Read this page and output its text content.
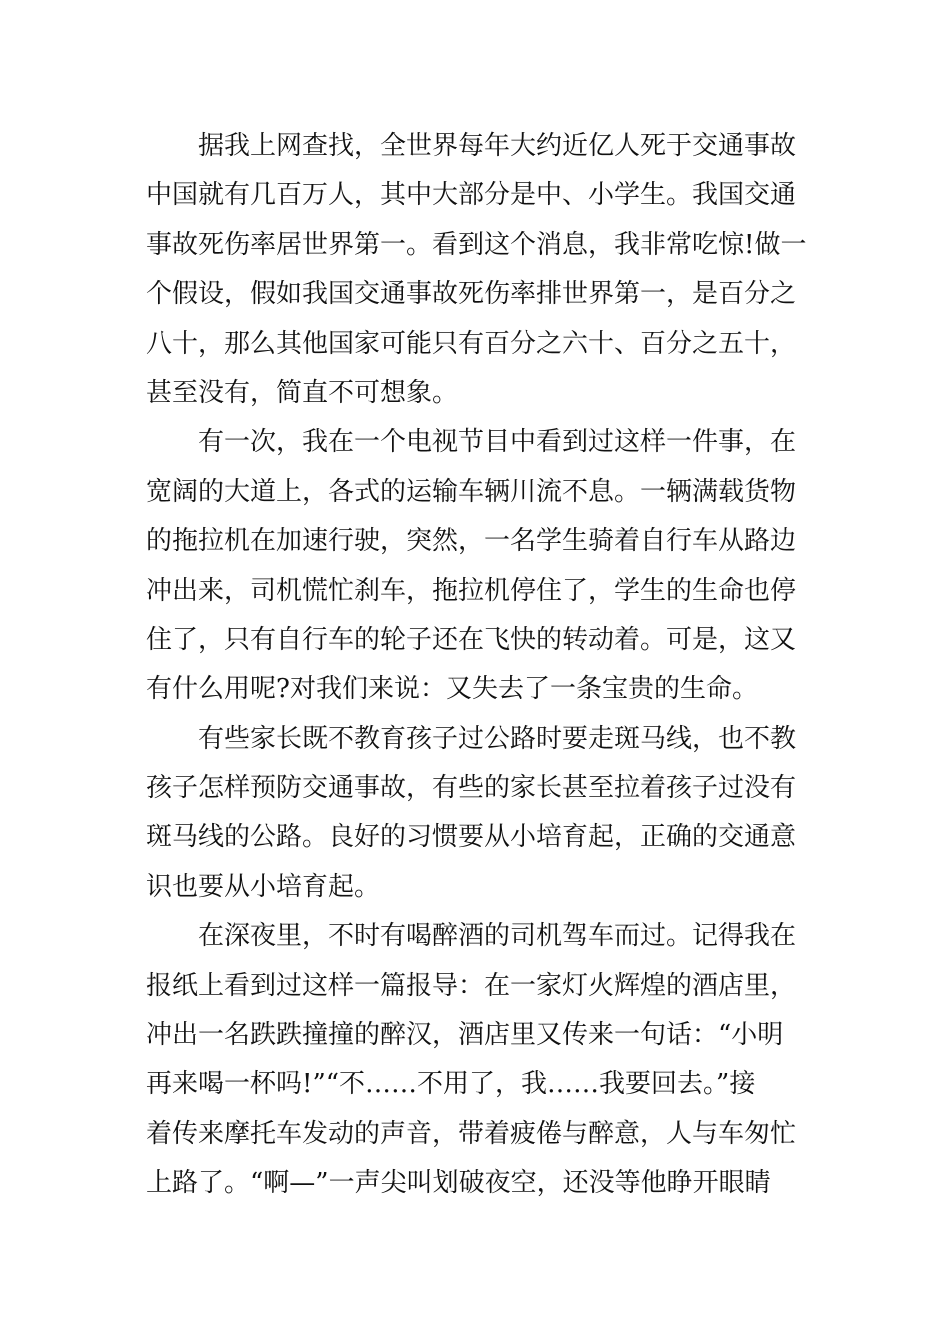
据我上网查找，全世界每年大约近亿人死于交通事故
中国就有几百万人，其中大部分是中、小学生。我国交通
事故死伤率居世界第一。看到这个消息，我非常吃惊!做一
个假设，假如我国交通事故死伤率排世界第一，是百分之
八十，那么其他国家可能只有百分之六十、百分之五十，
甚至没有，简直不可想象。
有一次，我在一个电视节目中看到过这样一件事，在
宽阔的大道上，各式的运输车辆川流不息。一辆满载货物
的拖拉机在加速行驶，突然，一名学生骑着自行车从路边
冲出来，司机慌忙刹车，拖拉机停住了，学生的生命也停
住了，只有自行车的轮子还在飞快的转动着。可是，这又
有什么用呢?对我们来说：又失去了一条宝贵的生命。
有些家长既不教育孩子过公路时要走斑马线，也不教
孩子怎样预防交通事故，有些的家长甚至拉着孩子过没有
斑马线的公路。良好的习惯要从小培育起，正确的交通意
识也要从小培育起。
在深夜里，不时有喝醉酒的司机驾车而过。记得我在
报纸上看到过这样一篇报导：在一家灯火辉煌的酒店里，
冲出一名跌跌撞撞的醉汉，酒店里又传来一句话：“小明
再来喝一杯吗!”“不……不用了，我……我要回去。”接
着传来摩托车发动的声音，带着疲倦与醉意，人与车匆忙
上路了。“啊—”一声尖叫划破夜空，还没等他睁开眼睛
